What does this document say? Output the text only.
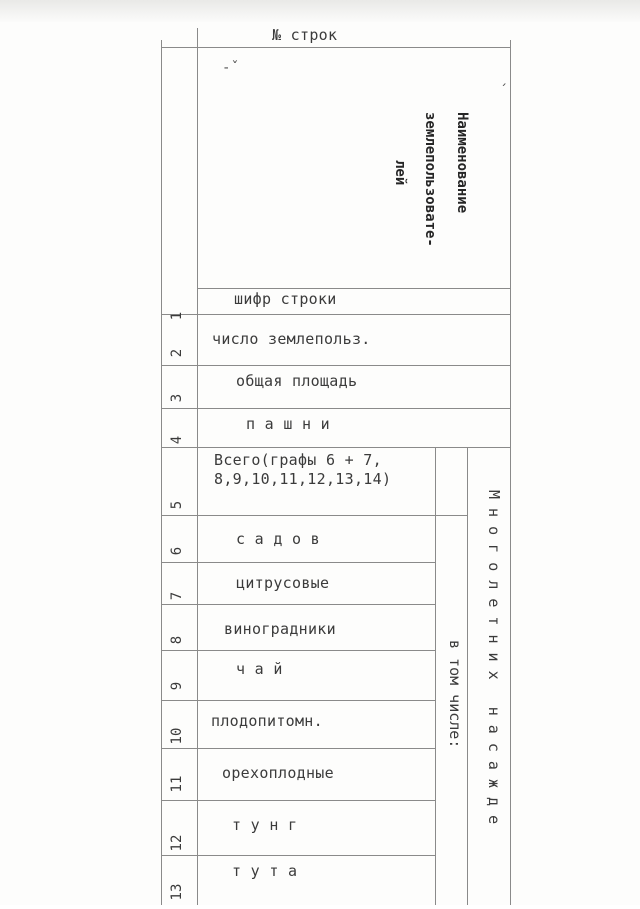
№ строк
-ˇ
ˏ
Наименование
землепользовате-
лей
шифр строки
число землепольз.
общая площадь
п а ш н и
Всего(графы 6 + 7,
8,9,10,11,12,13,14)
М н о г о л е т н и х   н а с а ж д е
в том числе:
с а д о в
цитрусовые
виноградники
ч а й
плодопитомн.
орехоплодные
т у н г
т у т а
1
2
3
4
5
6
7
8
9
10
11
12
13
